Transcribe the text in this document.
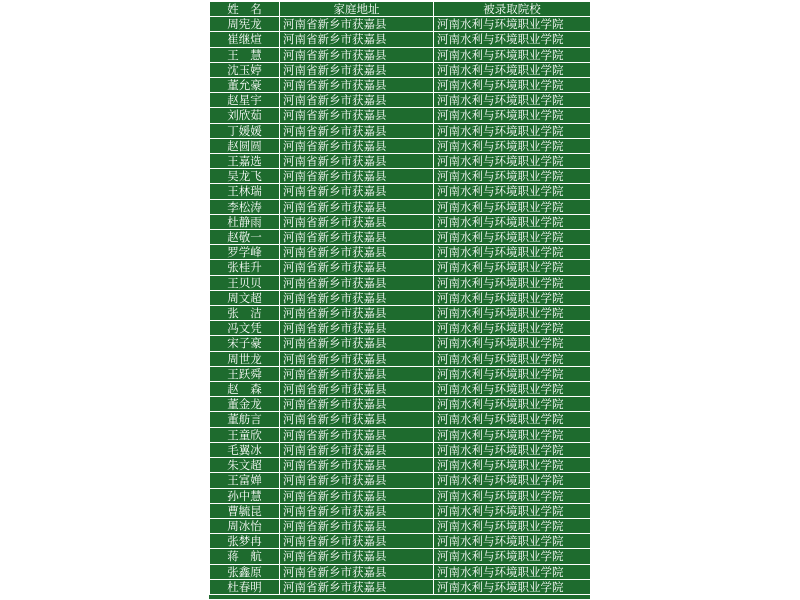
姓　名	家庭地址	被录取院校
周宪龙	河南省新乡市获嘉县	河南水利与环境职业学院
崔继煊	河南省新乡市获嘉县	河南水利与环境职业学院
王　慧	河南省新乡市获嘉县	河南水利与环境职业学院
沈玉婷	河南省新乡市获嘉县	河南水利与环境职业学院
董允豪	河南省新乡市获嘉县	河南水利与环境职业学院
赵星宇	河南省新乡市获嘉县	河南水利与环境职业学院
刘欣茹	河南省新乡市获嘉县	河南水利与环境职业学院
丁媛媛	河南省新乡市获嘉县	河南水利与环境职业学院
赵圆圆	河南省新乡市获嘉县	河南水利与环境职业学院
王嘉选	河南省新乡市获嘉县	河南水利与环境职业学院
吴龙飞	河南省新乡市获嘉县	河南水利与环境职业学院
王林瑞	河南省新乡市获嘉县	河南水利与环境职业学院
李松涛	河南省新乡市获嘉县	河南水利与环境职业学院
杜静雨	河南省新乡市获嘉县	河南水利与环境职业学院
赵敬一	河南省新乡市获嘉县	河南水利与环境职业学院
罗学峰	河南省新乡市获嘉县	河南水利与环境职业学院
张桂升	河南省新乡市获嘉县	河南水利与环境职业学院
王贝贝	河南省新乡市获嘉县	河南水利与环境职业学院
周文超	河南省新乡市获嘉县	河南水利与环境职业学院
张　洁	河南省新乡市获嘉县	河南水利与环境职业学院
冯文凭	河南省新乡市获嘉县	河南水利与环境职业学院
宋子豪	河南省新乡市获嘉县	河南水利与环境职业学院
周世龙	河南省新乡市获嘉县	河南水利与环境职业学院
王跃舜	河南省新乡市获嘉县	河南水利与环境职业学院
赵　森	河南省新乡市获嘉县	河南水利与环境职业学院
董金龙	河南省新乡市获嘉县	河南水利与环境职业学院
董舫言	河南省新乡市获嘉县	河南水利与环境职业学院
王童欣	河南省新乡市获嘉县	河南水利与环境职业学院
毛翼冰	河南省新乡市获嘉县	河南水利与环境职业学院
朱文超	河南省新乡市获嘉县	河南水利与环境职业学院
王富婵	河南省新乡市获嘉县	河南水利与环境职业学院
孙中慧	河南省新乡市获嘉县	河南水利与环境职业学院
曹毓昆	河南省新乡市获嘉县	河南水利与环境职业学院
周冰怡	河南省新乡市获嘉县	河南水利与环境职业学院
张梦冉	河南省新乡市获嘉县	河南水利与环境职业学院
蒋　航	河南省新乡市获嘉县	河南水利与环境职业学院
张鑫原	河南省新乡市获嘉县	河南水利与环境职业学院
杜春明	河南省新乡市获嘉县	河南水利与环境职业学院
